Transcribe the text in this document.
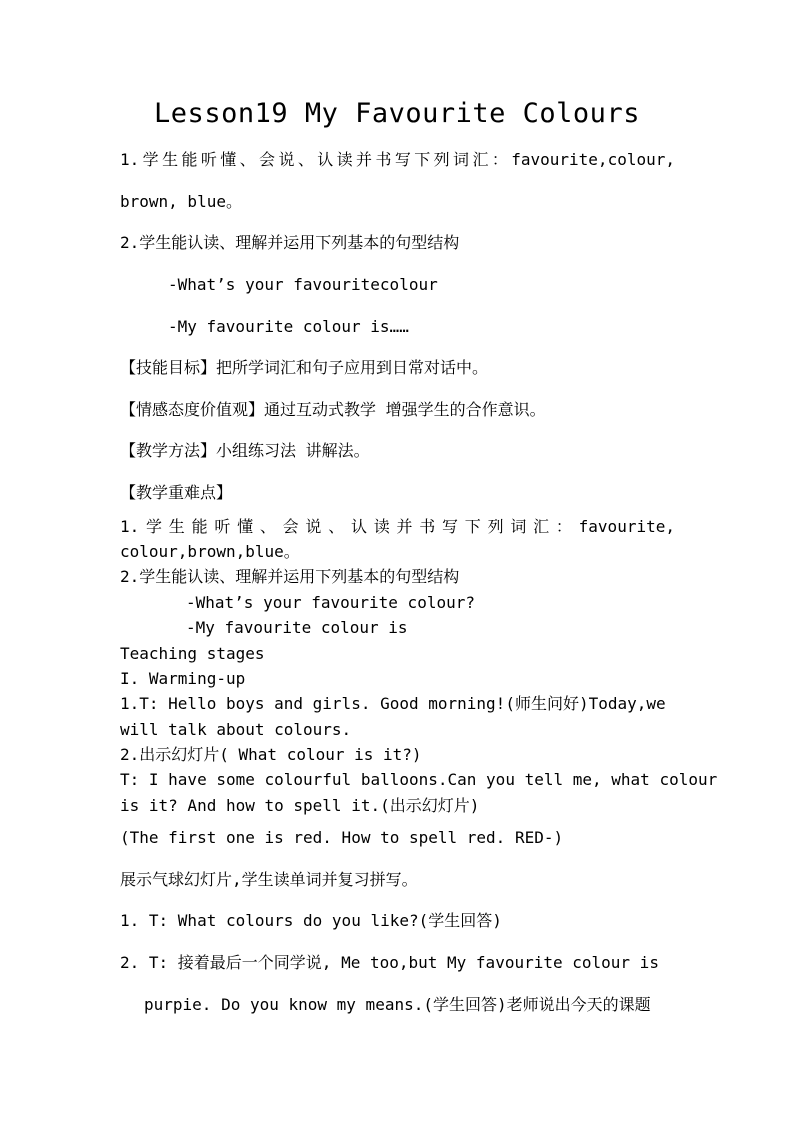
Lesson19 My Favourite Colours
1.学生能听懂、会说、认读并书写下列词汇：favourite,colour,
brown, blue。
2.学生能认读、理解并运用下列基本的句型结构
-What’s your favouritecolour
-My favourite colour is……
【技能目标】把所学词汇和句子应用到日常对话中。
【情感态度价值观】通过互动式教学 增强学生的合作意识。
【教学方法】小组练习法 讲解法。
【教学重难点】
1.学生能听懂、会说、认读并书写下列词汇：favourite,
colour,brown,blue。
2.学生能认读、理解并运用下列基本的句型结构
-What’s your favourite colour?
-My favourite colour is
Teaching stages
I. Warming-up
1.T: Hello boys and girls. Good morning!(师生问好)Today,we
will talk about colours.
2.出示幻灯片( What colour is it?)
T: I have some colourful balloons.Can you tell me, what colour
is it? And how to spell it.(出示幻灯片)
(The first one is red. How to spell red. RED-)
展示气球幻灯片,学生读单词并复习拼写。
1. T: What colours do you like?(学生回答)
2. T: 接着最后一个同学说, Me too,but My favourite colour is
purpie. Do you know my means.(学生回答)老师说出今天的课题
